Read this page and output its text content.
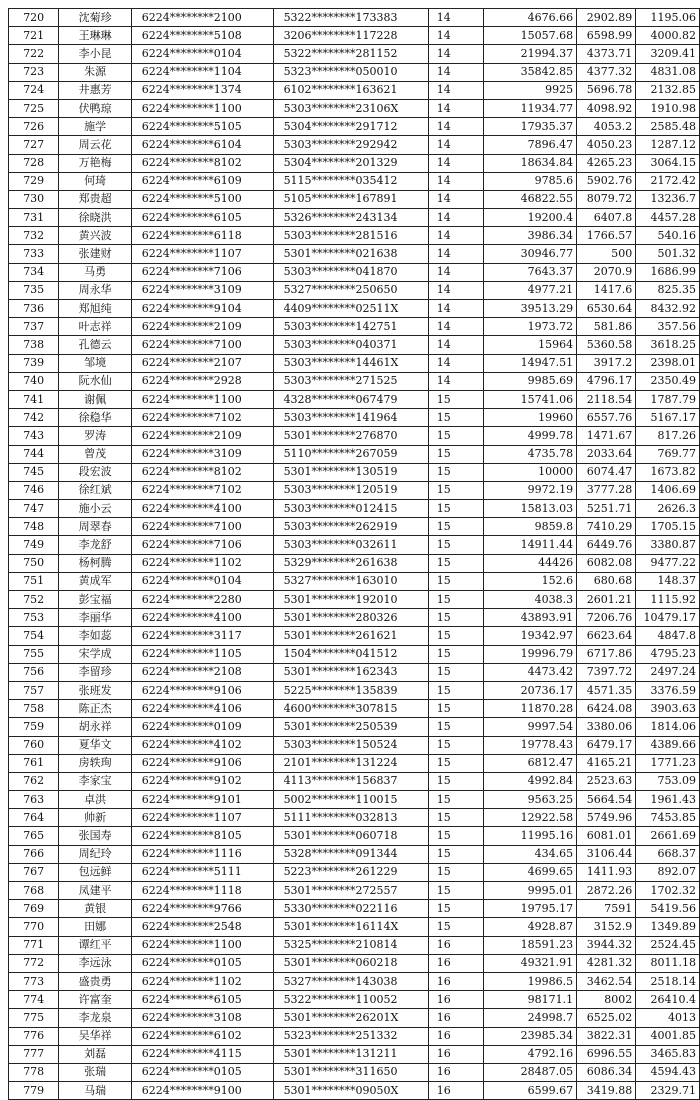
720	沈菊珍	6224********2100	5322********173383	14	4676.66	2902.89	1195.06
721	王琳琳	6224********5108	3206********117228	14	15057.68	6598.99	4000.82
722	李小昆	6224********0104	5322********281152	14	21994.37	4373.71	3209.41
723	朱源	6224********1104	5323********050010	14	35842.85	4377.32	4831.08
724	井惠芳	6224********1374	6102********163621	14	9925	5696.78	2132.85
725	伏鸭琼	6224********1100	5303********23106X	14	11934.77	4098.92	1910.98
726	施学	6224********5105	5304********291712	14	17935.37	4053.2	2585.48
727	周云花	6224********6104	5303********292942	14	7896.47	4050.23	1287.12
728	万艳梅	6224********8102	5304********201329	14	18634.84	4265.23	3064.15
729	何琦	6224********6109	5115********035412	14	9785.6	5902.76	2172.42
730	郑贵超	6224********5100	5105********167891	14	46822.55	8079.72	13236.7
731	徐晓洪	6224********6105	5326********243134	14	19200.4	6407.8	4457.28
732	黄兴波	6224********6118	5303********281516	14	3986.34	1766.57	540.16
733	张建财	6224********1107	5301********021638	14	30946.77	500	501.32
734	马勇	6224********7106	5303********041870	14	7643.37	2070.9	1686.99
735	周永华	6224********3109	5327********250650	14	4977.21	1417.6	825.35
736	郑旭纯	6224********9104	4409********02511X	14	39513.29	6530.64	8432.92
737	叶志祥	6224********2109	5303********142751	14	1973.72	581.86	357.56
738	孔德云	6224********7100	5303********040371	14	15964	5360.58	3618.25
739	邹境	6224********2107	5303********14461X	14	14947.51	3917.2	2398.01
740	阮水仙	6224********2928	5303********271525	14	9985.69	4796.17	2350.49
741	谢佩	6224********1100	4328********067479	15	15741.06	2118.54	1787.79
742	徐稳华	6224********7102	5303********141964	15	19960	6557.76	5167.17
743	罗涛	6224********2109	5301********276870	15	4999.78	1471.67	817.26
744	曾茂	6224********3109	5110********267059	15	4735.78	2033.64	769.77
745	段宏波	6224********8102	5301********130519	15	10000	6074.47	1673.82
746	徐红斌	6224********7102	5303********120519	15	9972.19	3777.28	1406.69
747	施小云	6224********4100	5303********012415	15	15813.03	5251.71	2626.3
748	周翠春	6224********7100	5303********262919	15	9859.8	7410.29	1705.15
749	李龙舒	6224********7106	5303********032611	15	14911.44	6449.76	3380.87
750	杨柯腾	6224********1102	5329********261638	15	44426	6082.08	9477.22
751	黄成军	6224********0104	5327********163010	15	152.6	680.68	148.37
752	彭宝福	6224********2280	5301********192010	15	4038.3	2601.21	1115.92
753	李丽华	6224********4100	5301********280326	15	43893.91	7206.76	10479.17
754	李如蕊	6224********3117	5301********261621	15	19342.97	6623.64	4847.8
755	宋学成	6224********1105	1504********041512	15	19996.79	6717.86	4795.23
756	李留珍	6224********2108	5301********162343	15	4473.42	7397.72	2497.24
757	张班发	6224********9106	5225********135839	15	20736.17	4571.35	3376.59
758	陈正杰	6224********4106	4600********307815	15	11870.28	6424.08	3903.63
759	胡永祥	6224********0109	5301********250539	15	9997.54	3380.06	1814.06
760	夏华文	6224********4102	5303********150524	15	19778.43	6479.17	4389.66
761	房轶珣	6224********9106	2101********131224	15	6812.47	4165.21	1771.23
762	李家宝	6224********9102	4113********156837	15	4992.84	2523.63	753.09
763	卓洪	6224********9101	5002********110015	15	9563.25	5664.54	1961.43
764	帅新	6224********1107	5111********032813	15	12922.58	5749.96	7453.85
765	张国寿	6224********8105	5301********060718	15	11995.16	6081.01	2661.69
766	周纪玲	6224********1116	5328********091344	15	434.65	3106.44	668.37
767	包远鲜	6224********5111	5223********261229	15	4699.65	1411.93	892.07
768	凤建平	6224********1118	5301********272557	15	9995.01	2872.26	1702.32
769	黄银	6224********9766	5330********022116	15	19795.17	7591	5419.56
770	田娜	6224********2548	5301********16114X	15	4928.87	3152.9	1349.89
771	谭红平	6224********1100	5325********210814	16	18591.23	3944.32	2524.45
772	李远泳	6224********0105	5301********060218	16	49321.91	4281.32	8011.18
773	盛贵勇	6224********1102	5327********143038	16	19986.5	3462.54	2518.14
774	许富奎	6224********6105	5322********110052	16	98171.1	8002	26410.4
775	李龙泉	6224********3108	5301********26201X	16	24998.7	6525.02	4013
776	吴华祥	6224********6102	5323********251332	16	23985.34	3822.31	4001.85
777	刘磊	6224********4115	5301********131211	16	4792.16	6996.55	3465.83
778	张瑞	6224********0105	5301********311650	16	28487.05	6086.34	4594.43
779	马瑞	6224********9100	5301********09050X	16	6599.67	3419.88	2329.71
